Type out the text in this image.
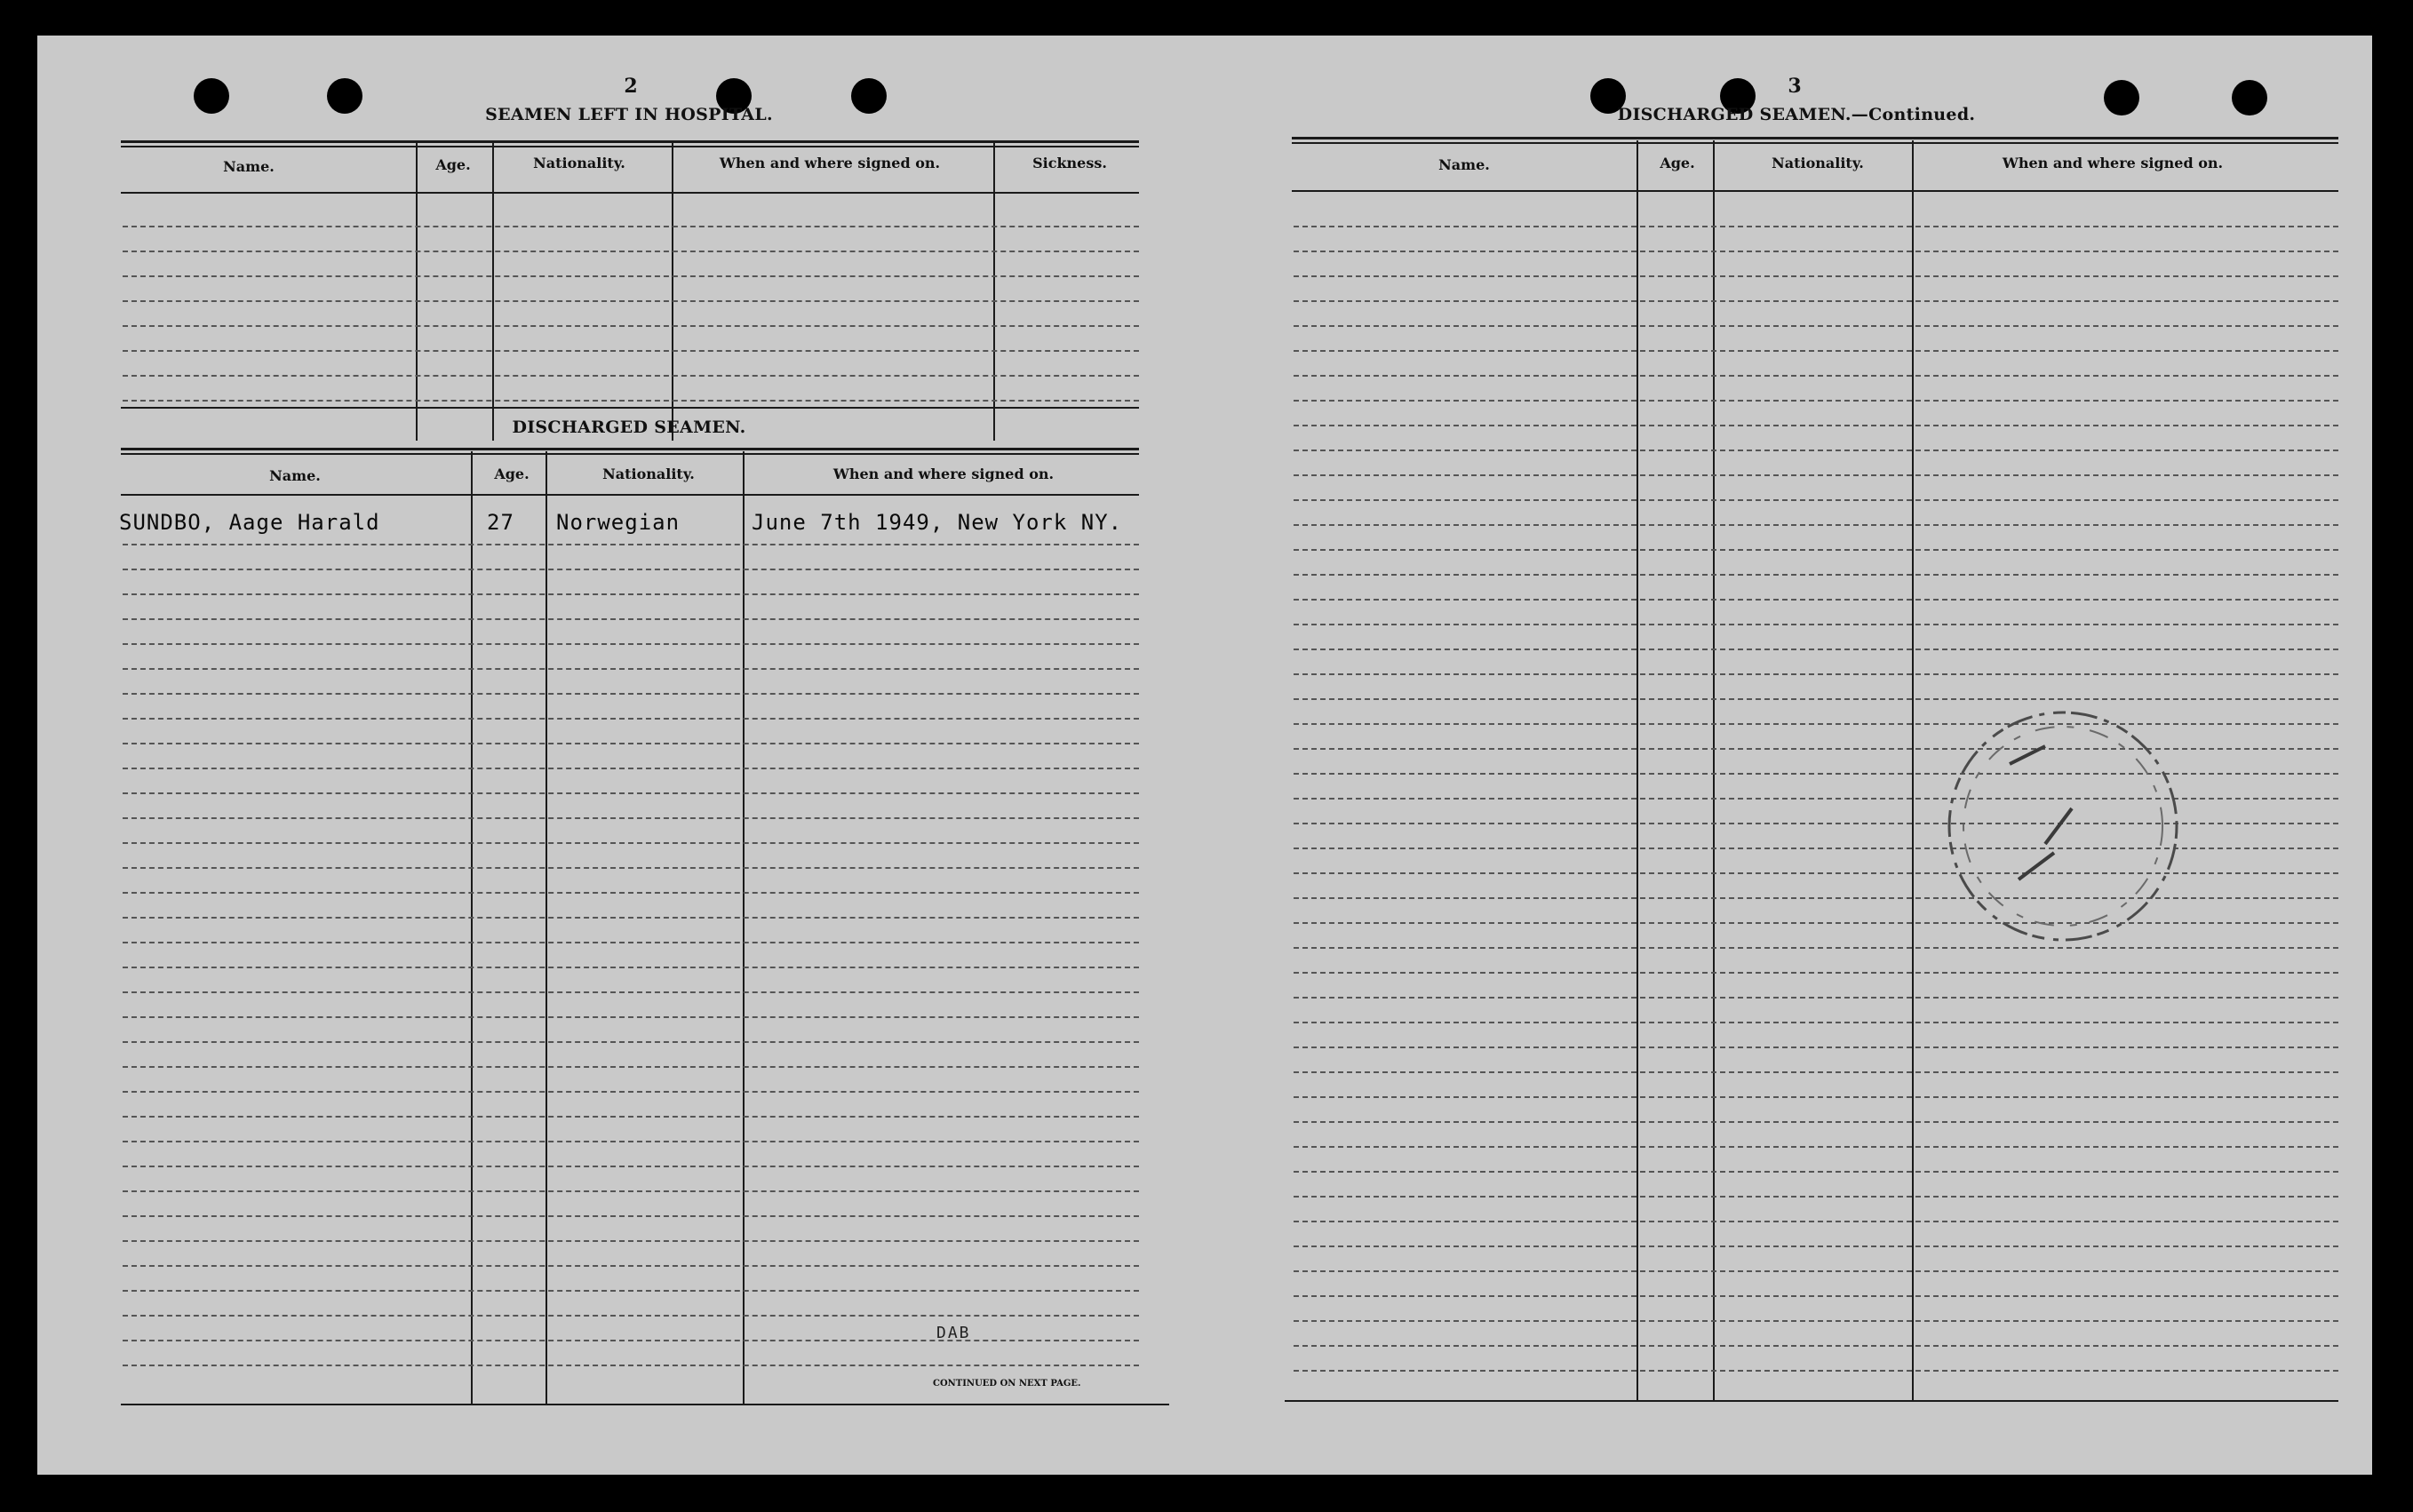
2
SEAMEN LEFT IN HOSPITAL.
Name.	Age.	Nationality.	When and where signed on.	Sickness.
DISCHARGED SEAMEN.
Name.	Age.	Nationality.	When and where signed on.
SUNDBO, Aage Harald	27 Norwegian	June 7th 1949, New York NY.
DAB
CONTINUED ON NEXT PAGE.
3
DISCHARGED SEAMEN.—Continued.
Name.	Age.	Nationality.	When and where signed on.
